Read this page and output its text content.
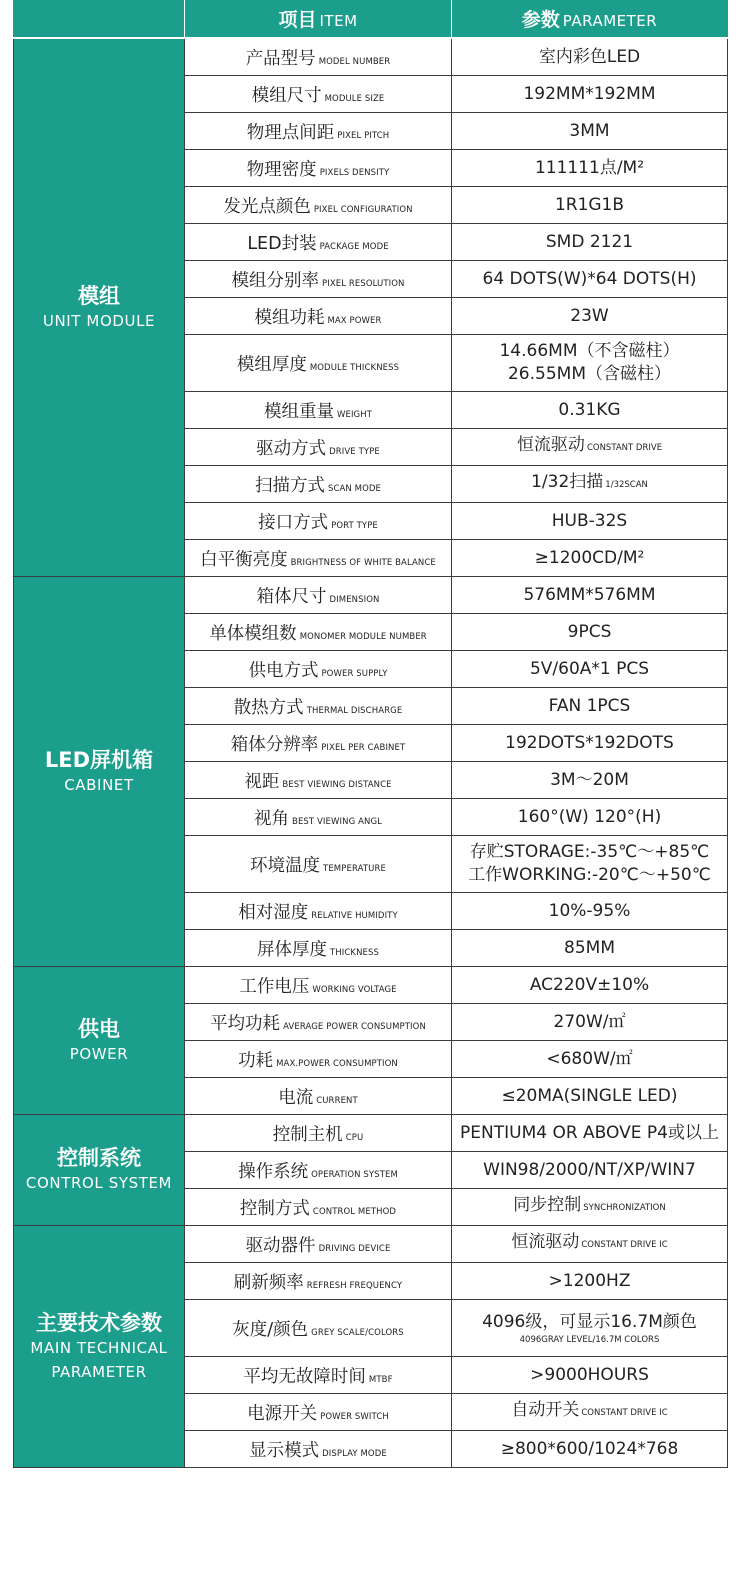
	项目 ITEM	参数 PARAMETER

模组
UNIT MODULE	产品型号 MODEL NUMBER	室内彩色LED
	模组尺寸 MODULE SIZE	192MM*192MM
	物理点间距 PIXEL PITCH	3MM
	物理密度 PIXELS DENSITY	111111点/M²
	发光点颜色 PIXEL CONFIGURATION	1R1G1B
	LED封装 PACKAGE MODE	SMD 2121
	模组分别率 PIXEL RESOLUTION	64 DOTS(W)*64 DOTS(H)
	模组功耗 MAX POWER	23W
	模组厚度 MODULE THICKNESS	14.66MM（不含磁柱）
26.55MM（含磁柱）

	模组重量 WEIGHT	0.31KG
	驱动方式 DRIVE TYPE	恒流驱动 CONSTANT DRIVE
	扫描方式 SCAN MODE	1/32扫描 1/32SCAN
	接口方式 PORT TYPE	HUB-32S
	白平衡亮度 BRIGHTNESS OF WHITE BALANCE	≥1200CD/M²

LED屏机箱
CABINET	箱体尺寸 DIMENSION	576MM*576MM
	单体模组数 MONOMER MODULE NUMBER	9PCS
	供电方式 POWER SUPPLY	5V/60A*1 PCS
	散热方式 THERMAL DISCHARGE	FAN 1PCS
	箱体分辨率 PIXEL PER CABINET	192DOTS*192DOTS
	视距 BEST VIEWING DISTANCE	3M～20M
	视角 BEST VIEWING ANGL	160°(W) 120°(H)
	环境温度 TEMPERATURE	存贮STORAGE:-35℃～+85℃
工作WORKING:-20℃～+50℃

	相对湿度 RELATIVE HUMIDITY	10%-95%
	屏体厚度 THICKNESS	85MM

供电
POWER	工作电压 WORKING VOLTAGE	AC220V±10%
	平均功耗 AVERAGE POWER CONSUMPTION	270W/㎡
	功耗 MAX.POWER CONSUMPTION	<680W/㎡
	电流 CURRENT	≤20MA(SINGLE LED)

控制系统
CONTROL SYSTEM	控制主机 CPU	PENTIUM4 OR ABOVE P4或以上
	操作系统 OPERATION SYSTEM	WIN98/2000/NT/XP/WIN7
	控制方式 CONTROL METHOD	同步控制 SYNCHRONIZATION

主要技术参数
MAIN TECHNICAL
PARAMETER	驱动器件 DRIVING DEVICE	恒流驱动 CONSTANT DRIVE IC
	刷新频率 REFRESH FREQUENCY	>1200HZ
	灰度/颜色 GREY SCALE/COLORS	4096级，可显示16.7M颜色
4096GRAY LEVEL/16.7M COLORS

	平均无故障时间 MTBF	>9000HOURS
	电源开关 POWER SWITCH	自动开关 CONSTANT DRIVE IC
	显示模式 DISPLAY MODE	≥800*600/1024*768
